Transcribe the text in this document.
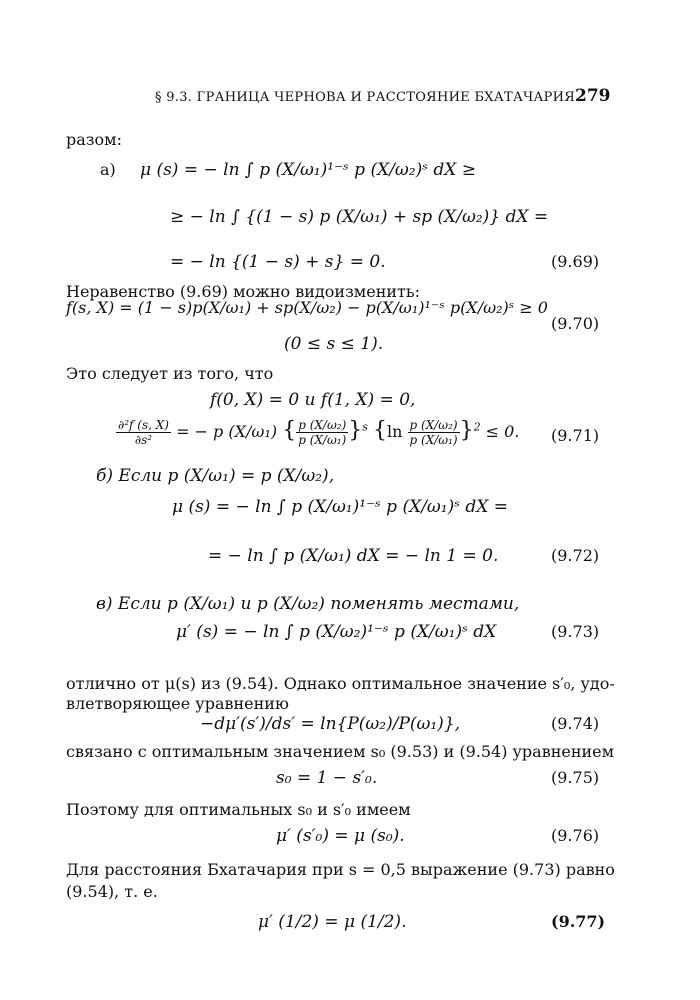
§ 9.3. ГРАНИЦА ЧЕРНОВА И РАССТОЯНИЕ БХАТАЧАРИЯ 279
разом:
а) μ (s) = − ln ∫ p (X/ω₁)¹⁻ˢ p (X/ω₂)ˢ dX ≥
≥ − ln ∫ {(1 − s) p (X/ω₁) + sp (X/ω₂)} dX =
= − ln {(1 − s) + s} = 0.	(9.69)
Неравенство (9.69) можно видоизменить:
f(s, X) = (1 − s)p(X/ω₁) + sp(X/ω₂) − p(X/ω₁)¹⁻ˢ p(X/ω₂)ˢ ≥ 0
(9.70)
(0 ≤ s ≤ 1).
Это следует из того, что
f(0, X) = 0 и f(1, X) = 0,
$\frac{\text{∂²f (s, X)}}{\text{∂s²}}$ = − p (X/ω₁) { $\frac{\text{p (X/ω₂)}}{\text{p (X/ω₁)}} \}^s$ $\{\ln \frac{\text{p (X/ω₂)}}{\text{p (X/ω₁)}} \}^2 \le 0$. (9.71)
б) Если p (X/ω₁) = p (X/ω₂),
μ (s) = − ln ∫ p (X/ω₁)¹⁻ˢ p (X/ω₁)ˢ dX =
= − ln ∫ p (X/ω₁) dX = − ln 1 = 0.	(9.72)
в) Если p (X/ω₁) и p (X/ω₂) поменять местами,
μ′ (s) = − ln ∫ p (X/ω₂)¹⁻ˢ p (X/ω₁)ˢ dX	(9.73)
отлично от μ(s) из (9.54). Однако оптимальное значение s′₀, удо-
влетворяющее уравнению
−dμ′(s′)/ds′ = ln{P(ω₂)/P(ω₁)},	(9.74)
связано с оптимальным значением s₀ (9.53) и (9.54) уравнением
s₀ = 1 − s′₀.	(9.75)
Поэтому для оптимальных s₀ и s′₀ имеем
μ′ (s′₀) = μ (s₀).	(9.76)
Для расстояния Бхатачария при s = 0,5 выражение (9.73) равно
(9.54), т. е.
μ′ (1/2) = μ (1/2).	(9.77)
